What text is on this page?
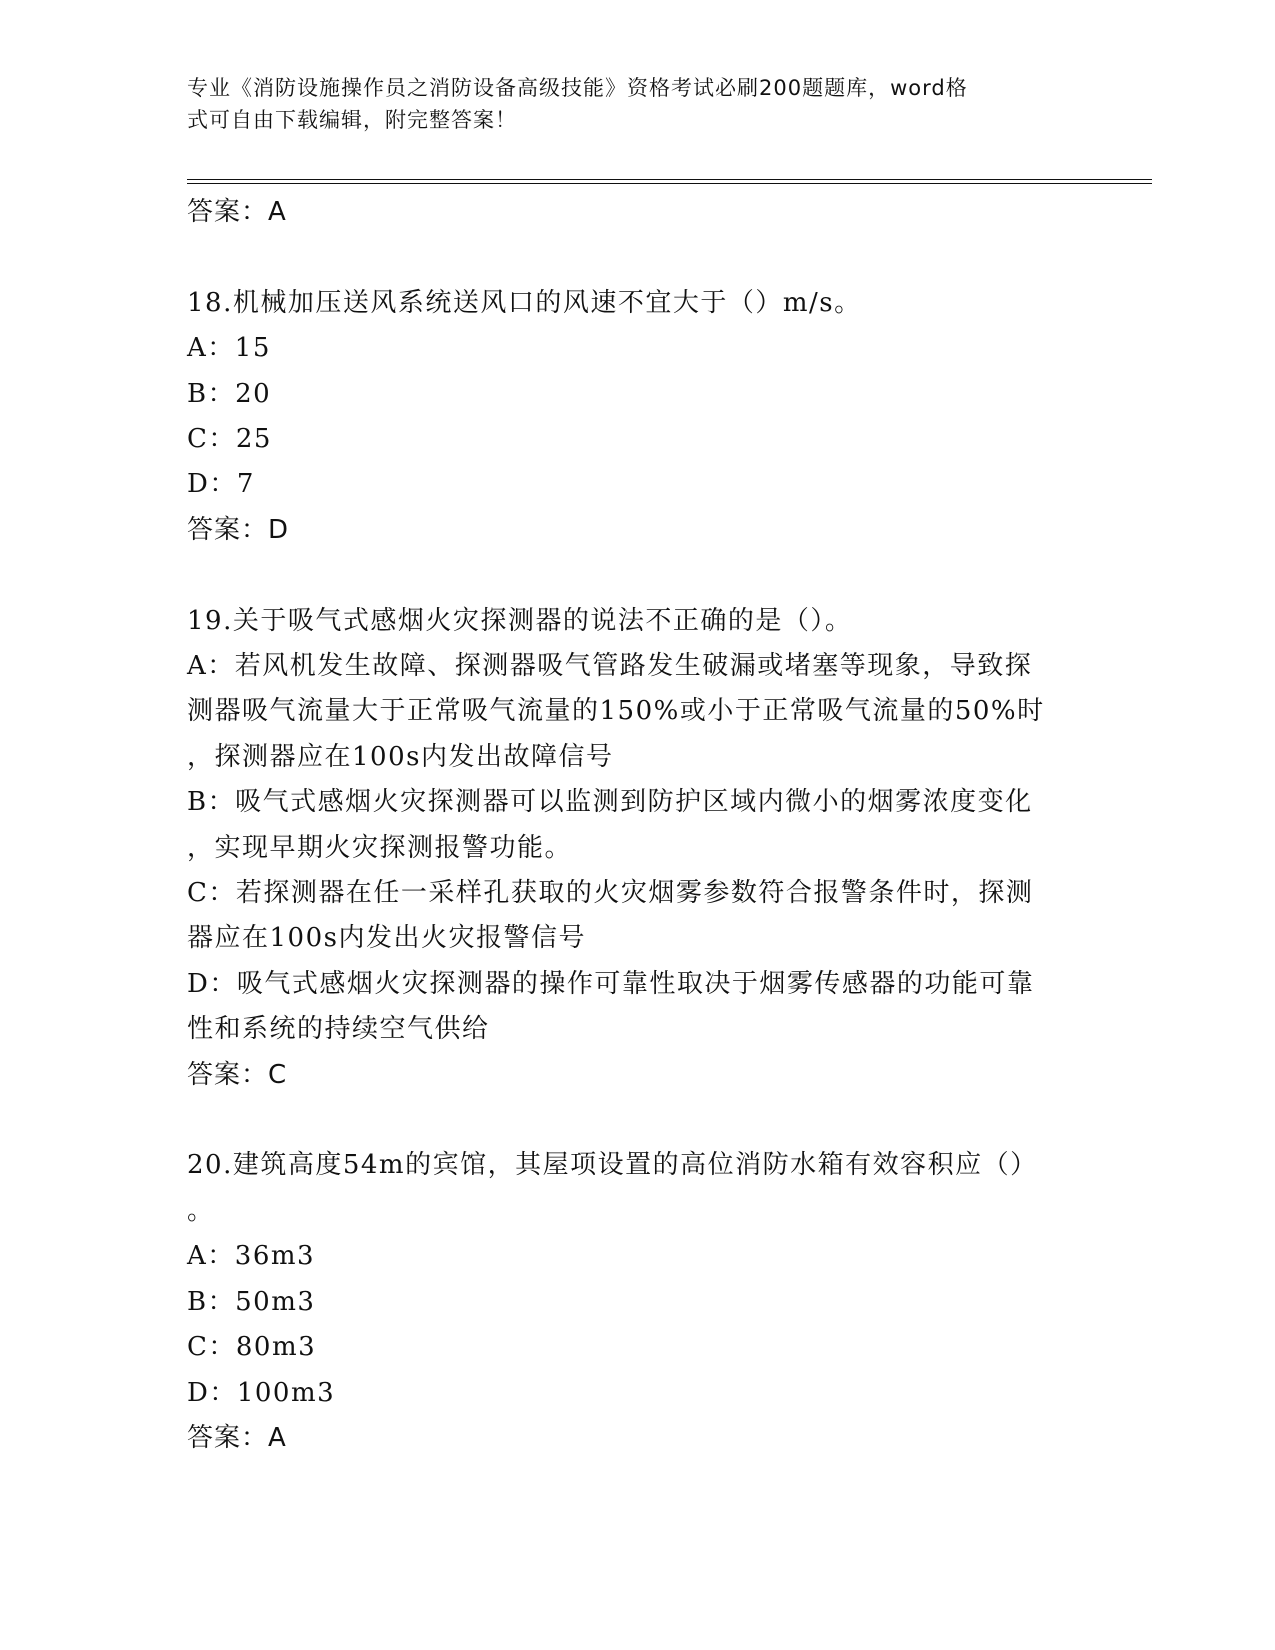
专业《消防设施操作员之消防设备高级技能》资格考试必刷200题题库，word格
式可自由下载编辑，附完整答案！
答案：A
18.机械加压送风系统送风口的风速不宜大于（）m/s。
A：15
B：20
C：25
D：7
答案：D
19.关于吸气式感烟火灾探测器的说法不正确的是（）。
A：若风机发生故障、探测器吸气管路发生破漏或堵塞等现象，导致探
测器吸气流量大于正常吸气流量的150%或小于正常吸气流量的50%时
，探测器应在100s内发出故障信号
B：吸气式感烟火灾探测器可以监测到防护区域内微小的烟雾浓度变化
，实现早期火灾探测报警功能。
C：若探测器在任一采样孔获取的火灾烟雾参数符合报警条件时，探测
器应在100s内发出火灾报警信号
D：吸气式感烟火灾探测器的操作可靠性取决于烟雾传感器的功能可靠
性和系统的持续空气供给
答案：C
20.建筑高度54m的宾馆，其屋项设置的高位消防水箱有效容积应（）
。
A：36m3
B：50m3
C：80m3
D：100m3
答案：A
